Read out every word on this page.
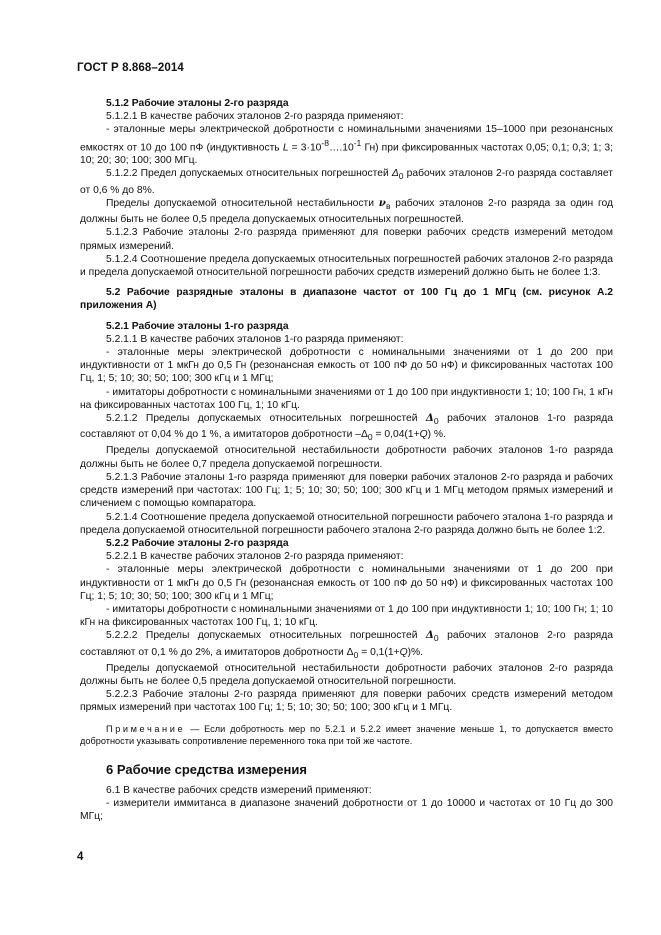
ГОСТ Р 8.868–2014

5.1.2 Рабочие эталоны 2-го разряда

5.1.2.1 В качестве рабочих эталонов 2-го разряда применяют:

- эталонные меры электрической добротности с номинальными значениями 15–1000 при резонансных емкостях от 10 до 100 пФ (индуктивность $L = 3\cdot 10^{-8}\dots.10^{-1}$ Гн) при фиксированных частотах 0,05; 0,1; 0,3; 1; 3; 10; 20; 30; 100; 300 МГц.

5.1.2.2 Предел допускаемых относительных погрешностей $\Delta_0$ рабочих эталонов 2-го разряда составляет от 0,6 % до 8%.

Пределы допускаемой относительной нестабильности $\nu_в$ рабочих эталонов 2-го разряда за один год должны быть не более 0,5 предела допускаемых относительных погрешностей.

5.1.2.3 Рабочие эталоны 2-го разряда применяют для поверки рабочих средств измерений методом прямых измерений.

5.1.2.4 Соотношение предела допускаемых относительных погрешностей рабочих эталонов 2-го разряда и предела допускаемой относительной погрешности рабочих средств измерений должно быть не более 1:3.

5.2 Рабочие разрядные эталоны в диапазоне частот от 100 Гц до 1 МГц (см. рисунок А.2 приложения А)

5.2.1 Рабочие эталоны 1-го разряда

5.2.1.1 В качестве рабочих эталонов 1-го разряда применяют:

- эталонные меры электрической добротности с номинальными значениями от 1 до 200 при индуктивности от 1 мкГн до 0,5 Гн (резонансная емкость от 100 пФ до 50 нФ) и фиксированных частотах 100 Гц, 1; 5; 10; 30; 50; 100; 300 кГц и 1 МГц;

- имитаторы добротности с номинальными значениями от 1 до 100 при индуктивности 1; 10; 100 Гн, 1 кГн на фиксированных частотах 100 Гц, 1; 10 кГц.

5.2.1.2 Пределы допускаемых относительных погрешностей $\Delta_0$ рабочих эталонов 1-го разряда составляют от 0,04 % до 1 %, а имитаторов добротности $-\Delta_0 = 0,04(1+Q)$ %.

Пределы допускаемой относительной нестабильности добротности рабочих эталонов 1-го разряда должны быть не более 0,7 предела допускаемой погрешности.

5.2.1.3 Рабочие эталоны 1-го разряда применяют для поверки рабочих эталонов 2-го разряда и рабочих средств измерений при частотах: 100 Гц; 1; 5; 10; 30; 50; 100; 300 кГц и 1 МГц методом прямых измерений и сличением с помощью компаратора.

5.2.1.4 Соотношение предела допускаемой относительной погрешности рабочего эталона 1-го разряда и предела допускаемой относительной погрешности рабочего эталона 2-го разряда должно быть не более 1:2.

5.2.2 Рабочие эталоны 2-го разряда

5.2.2.1 В качестве рабочих эталонов 2-го разряда применяют:

- эталонные меры электрической добротности с номинальными значениями от 1 до 200 при индуктивности от 1 мкГн до 0,5 Гн (резонансная емкость от 100 пФ до 50 нФ) и фиксированных частотах 100 Гц; 1; 5; 10; 30; 50; 100; 300 кГц и 1 МГц;

- имитаторы добротности с номинальными значениями от 1 до 100 при индуктивности 1; 10; 100 Гн; 1; 10 кГн на фиксированных частотах 100 Гц, 1; 10 кГц.

5.2.2.2 Пределы допускаемых относительных погрешностей $\Delta_0$ рабочих эталонов 2-го разряда составляют от 0,1 % до 2%, а имитаторов добротности $\Delta_0 = 0,1(1+Q)\%$.

Пределы допускаемой относительной нестабильности добротности рабочих эталонов 2-го разряда должны быть не более 0,5 предела допускаемой относительной погрешности.

5.2.2.3 Рабочие эталоны 2-го разряда применяют для поверки рабочих средств измерений методом прямых измерений при частотах 100 Гц; 1; 5; 10; 30; 50; 100; 300 кГц и 1 МГц.

Примечание — Если добротность мер по 5.2.1 и 5.2.2 имеет значение меньше 1, то допускается вместо добротности указывать сопротивление переменного тока при той же частоте.

6 Рабочие средства измерения

6.1 В качестве рабочих средств измерений применяют:

- измерители иммитанса в диапазоне значений добротности от 1 до 10000 и частотах от 10 Гц до 300 МГц;

4
